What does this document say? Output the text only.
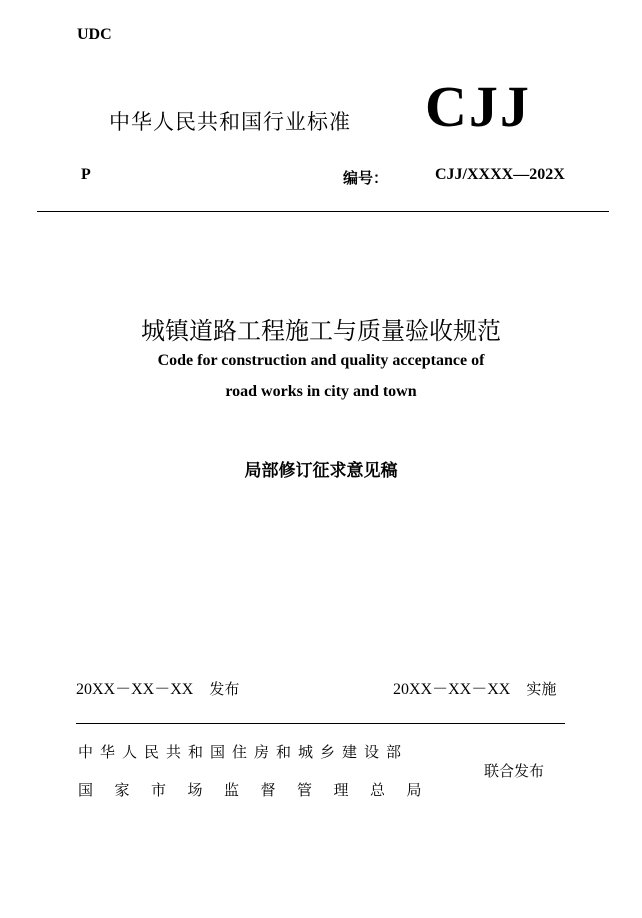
UDC
中华人民共和国行业标准 CJJ
P	编号：	CJJ/XXXX—202X
城镇道路工程施工与质量验收规范
Code for construction and quality acceptance of
road works in city and town
局部修订征求意见稿
20XX－XX－XX 发布	20XX－XX－XX 实施
中华人民共和国住房和城乡建设部
国家市场监督管理总局
联合发布
